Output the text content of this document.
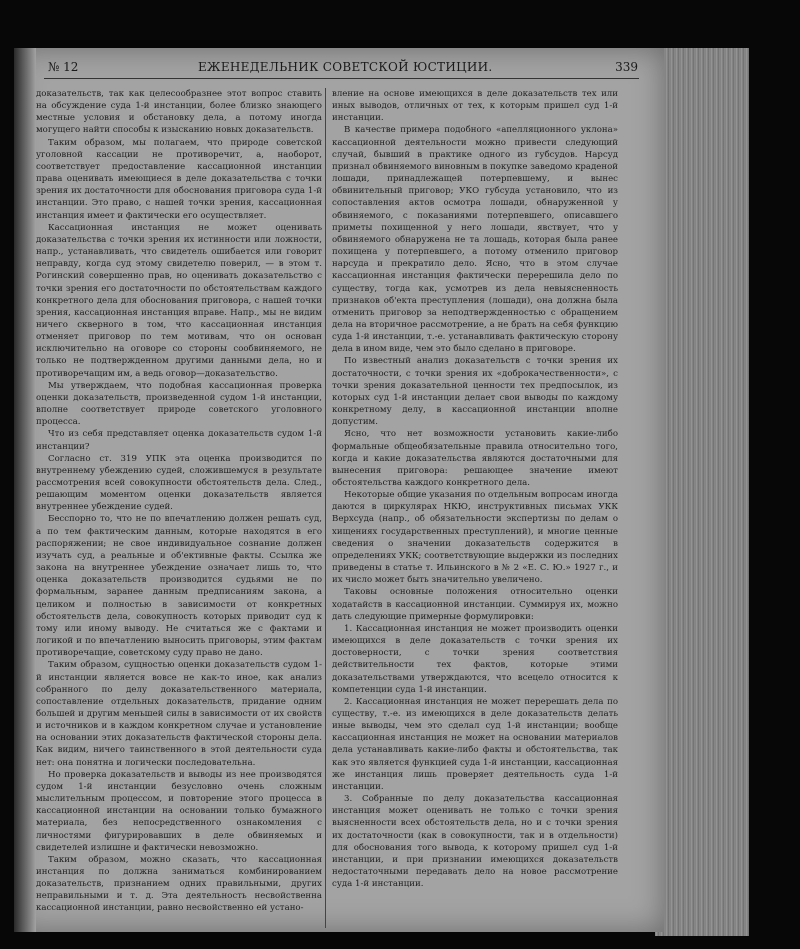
№ 12	ЕЖЕНЕДЕЛЬНИК СОВЕТСКОЙ ЮСТИЦИИ.	339

доказательств, так как целесообразнее этот вопрос ставить на обсуждение суда 1-й инстанции, более близко знающего местные условия и обстановку дела, а потому иногда могущего найти способы к изысканию новых доказательств.

Таким образом, мы полагаем, что природе советской уголовной кассации не противоречит, а, наоборот, соответствует предоставление кассационной инстанции права оценивать имеющиеся в деле доказательства с точки зрения их достаточности для обоснования приговора суда 1-й инстанции. Это право, с нашей точки зрения, кассационная инстанция имеет и фактически его осуществляет.

Кассационная инстанция не может оценивать доказательства с точки зрения их истинности или ложности, напр., устанавливать, что свидетель ошибается или говорит неправду, когда суд этому свидетелю поверил, — в этом т. Рогинский совершенно прав, но оценивать доказательство с точки зрения его достаточности по обстоятельствам каждого конкретного дела для обоснования приговора, с нашей точки зрения, кассационная инстанция вправе. Напр., мы не видим ничего скверного в том, что кассационная инстанция отменяет приговор по тем мотивам, что он основан исключительно на оговоре со стороны сообвиняемого, не только не подтвержденном другими данными дела, но и противоречащим им, а ведь оговор—доказательство.

Мы утверждаем, что подобная кассационная проверка оценки доказательств, произведенной судом 1-й инстанции, вполне соответствует природе советского уголовного процесса.

Что из себя представляет оценка доказательств судом 1-й инстанции?

Согласно ст. 319 УПК эта оценка производится по внутреннему убеждению судей, сложившемуся в результате рассмотрения всей совокупности обстоятельств дела. След., решающим моментом оценки доказательств является внутреннее убеждение судей.

Бесспорно то, что не по впечатлению должен решать суд, а по тем фактическим данным, которые находятся в его распоряжении; не свое индивидуальное сознание должен изучать суд, а реальные и об'ективные факты. Ссылка же закона на внутреннее убеждение означает лишь то, что оценка доказательств производится судьями не по формальным, заранее данным предписаниям закона, а целиком и полностью в зависимости от конкретных обстоятельств дела, совокупность которых приводит суд к тому или иному выводу. Не считаться же с фактами и логикой и по впечатлению выносить приговоры, этим фактам противоречащие, советскому суду право не дано.

Таким образом, сущностью оценки доказательств судом 1-й инстанции является вовсе не как-то иное, как анализ собранного по делу доказательственного материала, сопоставление отдельных доказательств, придание одним большей и другим меньшей силы в зависимости от их свойств и источников и в каждом конкретном случае и установление на основании этих доказательств фактической стороны дела. Как видим, ничего таинственного в этой деятельности суда нет: она понятна и логически последовательна.

Но проверка доказательств и выводы из нее производятся судом 1-й инстанции безусловно очень сложным мыслительным процессом, и повторение этого процесса в кассационной инстанции на основании только бумажного материала, без непосредственного ознакомления с личностями фигурировавших в деле обвиняемых и свидетелей излишне и фактически невозможно.

Таким образом, можно сказать, что кассационная инстанция по должна заниматься комбинированием доказательств, признанием одних правильными, других неправильными и т. д. Эта деятельность несвойственна кассационной инстанции, равно несвойственно ей устано-

вление на основе имеющихся в деле доказательств тех или иных выводов, отличных от тех, к которым пришел суд 1-й инстанции.

В качестве примера подобного «апелляционного уклона» кассационной деятельности можно привести следующий случай, бывший в практике одного из губсудов. Нарсуд признал обвиняемого виновным в покупке заведомо краденой лошади, принадлежащей потерпевшему, и вынес обвинительный приговор; УКО губсуда установило, что из сопоставления актов осмотра лошади, обнаруженной у обвиняемого, с показаниями потерпевшего, описавшего приметы похищенной у него лошади, явствует, что у обвиняемого обнаружена не та лошадь, которая была ранее похищена у потерпевшего, а потому отменило приговор нарсуда и прекратило дело. Ясно, что в этом случае кассационная инстанция фактически перерешила дело по существу, тогда как, усмотрев из дела невыясненность признаков об'екта преступления (лошади), она должна была отменить приговор за неподтвержденностью с обращением дела на вторичное рассмотрение, а не брать на себя функцию суда 1-й инстанции, т.-е. устанавливать фактическую сторону дела в ином виде, чем это было сделано в приговоре.

По известный анализ доказательств с точки зрения их достаточности, с точки зрения их «доброкачественности», с точки зрения доказательной ценности тех предпосылок, из которых суд 1-й инстанции делает свои выводы по каждому конкретному делу, в кассационной инстанции вполне допустим.

Ясно, что нет возможности установить какие-либо формальные общеобязательные правила относительно того, когда и какие доказательства являются достаточными для вынесения приговора: решающее значение имеют обстоятельства каждого конкретного дела.

Некоторые общие указания по отдельным вопросам иногда даются в циркулярах НКЮ, инструктивных письмах УКК Верхсуда (напр., об обязательности экспертизы по делам о хищениях государственных преступлений), и многие ценные сведения о значении доказательств содержится в определениях УКК; соответствующие выдержки из последних приведены в статье т. Ильинского в № 2 «Е. С. Ю.» 1927 г., и их число может быть значительно увеличено.

Таковы основные положения относительно оценки ходатайств в кассационной инстанции. Суммируя их, можно дать следующие примерные формулировки:

1. Кассационная инстанция не может производить оценки имеющихся в деле доказательств с точки зрения их достоверности, с точки зрения соответствия действительности тех фактов, которые этими доказательствами утверждаются, что всецело относится к компетенции суда 1-й инстанции.

2. Кассационная инстанция не может перерешать дела по существу, т.-е. из имеющихся в деле доказательств делать иные выводы, чем это сделал суд 1-й инстанции; вообще кассационная инстанция не может на основании материалов дела устанавливать какие-либо факты и обстоятельства, так как это является функцией суда 1-й инстанции, кассационная же инстанция лишь проверяет деятельность суда 1-й инстанции.

3. Собранные по делу доказательства кассационная инстанция может оценивать не только с точки зрения выясненности всех обстоятельств дела, но и с точки зрения их достаточности (как в совокупности, так и в отдельности) для обоснования того вывода, к которому пришел суд 1-й инстанции, и при признании имеющихся доказательств недостаточными передавать дело на новое рассмотрение суда 1-й инстанции.
